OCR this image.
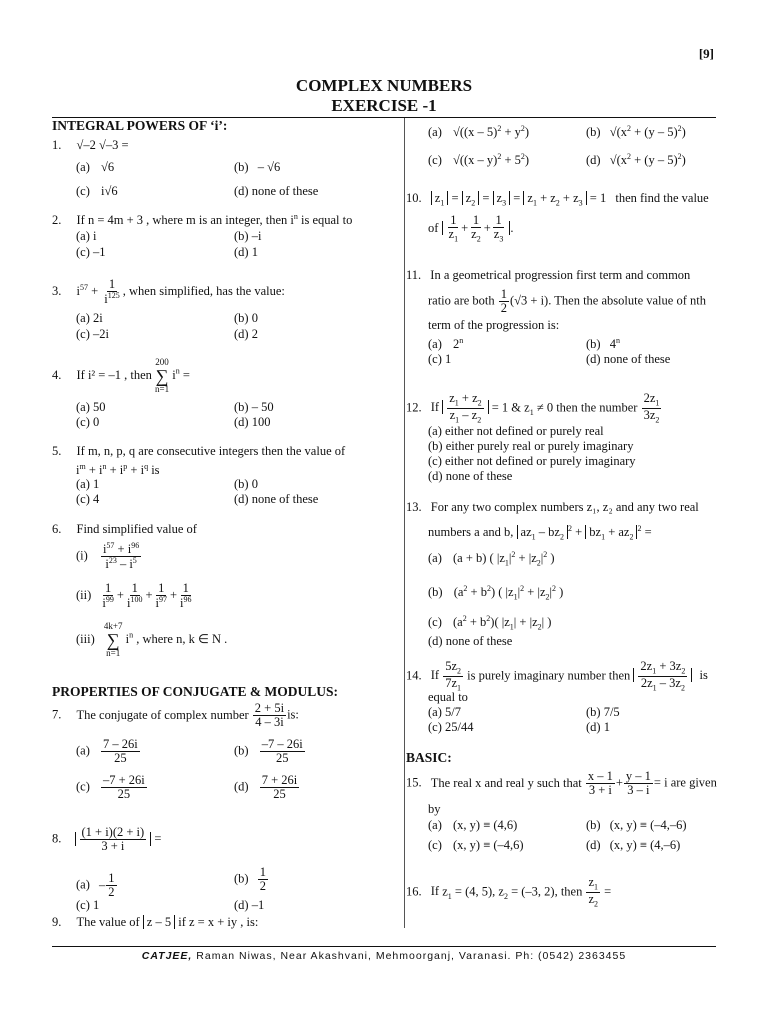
[9]
COMPLEX NUMBERS
EXERCISE -1
INTEGRAL POWERS OF ‘i’:
1. √–2 √–3 =
(a) √6	(b) – √6
(c) i√6	(d) none of these
2. If n = 4m + 3 , where m is an integer, then $i^n$ is equal to
(a) i	(b) –i
(c) –1	(d) 1
3. $i^{57} + \frac{1}{i^{125}}$ , when simplified, has the value:
(a) 2i	(b) 0
(c) –2i	(d) 2
4. If i² = –1 , then
200
∑
n=1
$i^n$ =
(a) 50	(b) – 50
(c) 0	(d) 100
5. If m, n, p, q are consecutive integers then the value of
$i^m + i^n + i^p + i^q$ is
(a) 1	(b) 0
(c) 4	(d) none of these
6. Find simplified value of
$(i) \frac{i^{57} + i^{96}}{i^{23} - i^5}$
$(ii) \frac{1}{i^{99}} + \frac{1}{i^{100}} + \frac{1}{i^{97}} + \frac{1}{i^{96}}$
(iii)
4k+7
∑
n=1
$i^n$ , where n, k ∈ N .
PROPERTIES OF CONJUGATE & MODULUS:
7. The conjugate of complex number $\frac{2 + 5i}{4 - 3i}$ is:
$(a) \frac{7 - 26i}{25}$	$(b) \frac{-7 - 26i}{25}$
$(c) \frac{-7 + 26i}{25}$	$(d) \frac{7 + 26i}{25}$
8. $\frac{(1 + i)(2 + i)}{3 + i}$ =
$(a) - \frac{1}{2}$	$(b) \frac{1}{2}$
(c) 1	(d) –1
9. The value of z – 5 if z = x + iy , is:
(a) $√((x - 5)^2 + y^2)$	(b) $√(x^2 + (y - 5)^2)$
(c) $√((x - y)^2 + 5^2)$	(d) $√(x^2 + (y - 5)^2)$
10. $z_1 = z_2 = z_3 = z_1 + z_2 + z_3 = 1$ then find the value
of $\frac{1}{z_1} + \frac{1}{z_2} + \frac{1}{z_3}$ .
11. In a geometrical progression first term and common
ratio are both $\frac{1}{2} (√3 + i)$. Then the absolute value of nth
term of the progression is:
(a) 2$^n$	(b) 4$^n$
(c) 1	(d) none of these
12. If $\frac{z_1 + z_2}{z_1 - z_2} = 1$ & $z_1 \ne 0$ then the number $\frac{2z_1}{3z_2}$
(a) either not defined or purely real
(b) either purely real or purely imaginary
(c) either not defined or purely imaginary
(d) none of these
13. For any two complex numbers z₁, z₂ and any two real
numbers a and b, $az_1 - bz_2^2 + bz_1 + az_2^2$ =
(a) (a + b) ( $|z_1|^2 + |z_2|^2$ )
(b) $(a^2 + b^2)$ ( $|z_1|^2 + |z_2|^2$ )
(c) $(a^2 + b^2)$( $|z_1| + |z_2|$ )
(d) none of these
14. If $\frac{5z_2}{7z_1}$ is purely imaginary number then $\frac{2z_1 + 3z_2}{2z_1 - 3z_2}$ is
equal to
(a) 5/7	(b) 7/5
(c) 25/44	(d) 1
BASIC:
15. The real x and real y such that $\frac{x - 1}{3 + i} + \frac{y - 1}{3 - i} = i$ are given
by
(a) (x, y) ≡ (4,6)	(b) (x, y) ≡ (–4,–6)
(c) (x, y) ≡ (–4,6)	(d) (x, y) ≡ (4,–6)
16. If $z_1 = (4$, 5), $z_2 = (-3$, 2), then $\frac{z_1}{z_2}$ =
CATJEE, Raman Niwas, Near Akashvani, Mehmoorganj, Varanasi. Ph: (0542) 2363455
